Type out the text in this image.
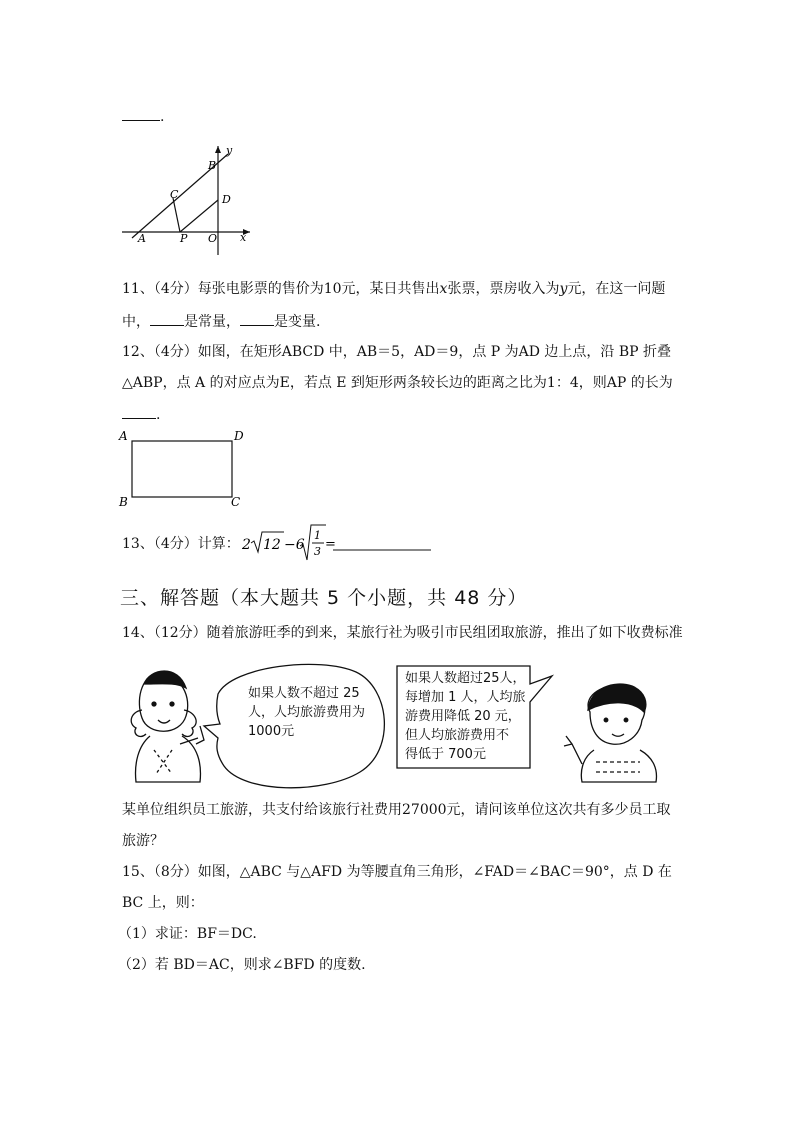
.
y
x
B
C	D
A	P O
11、（4分）每张电影票的售价为10元，某日共售出x张票，票房收入为y元，在这一问题
中， 是常量， 是变量.
12、（4分）如图，在矩形ABCD 中，AB＝5，AD＝9，点 P 为AD 边上点，沿 BP 折叠
△ABP，点 A 的对应点为E，若点 E 到矩形两条较长边的距离之比为1：4，则AP 的长为
.
A	D
B	C
13、（4分）计算： 2 12 −6
1
3 =
三、解答题（本大题共 5 个小题，共 48 分）
14、（12分）随着旅游旺季的到来，某旅行社为吸引市民组团取旅游，推出了如下收费标准
如果人数不超过 25
人，人均旅游费用为
1000元
如果人数超过25人，
每增加 1 人，人均旅
游费用降低 20 元，
但人均旅游费用不
得低于 700元
某单位组织员工旅游，共支付给该旅行社费用27000元，请问该单位这次共有多少员工取
旅游？
15、（8分）如图，△ABC 与△AFD 为等腰直角三角形，∠FAD＝∠BAC＝90°，点 D 在
BC 上，则：
（1）求证：BF＝DC.
（2）若 BD＝AC，则求∠BFD 的度数.
